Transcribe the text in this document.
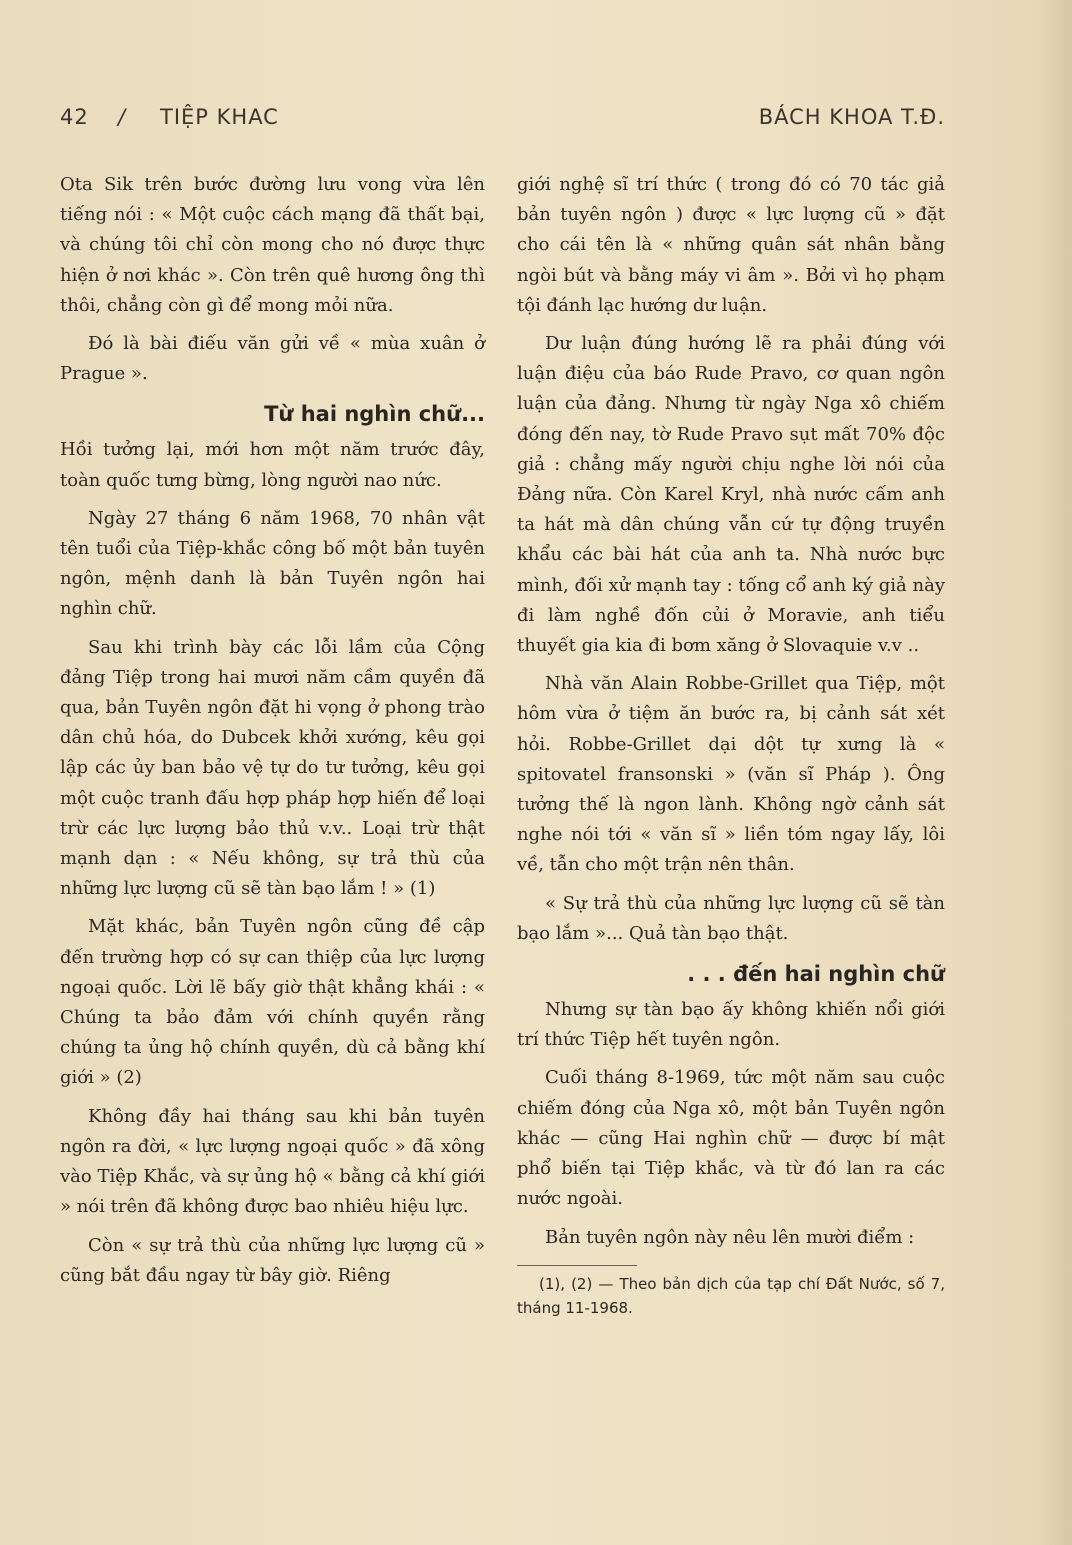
42 / TIỆP KHAC	BÁCH KHOA T.Đ.

Ota Sik trên bước đường lưu vong vừa lên tiếng nói : « Một cuộc cách mạng đã thất bại, và chúng tôi chỉ còn mong cho nó được thực hiện ở nơi khác ». Còn trên quê hương ông thì thôi, chẳng còn gì để mong mỏi nữa.

Đó là bài điếu văn gửi về « mùa xuân ở Prague ».

Từ hai nghìn chữ...

Hồi tưởng lại, mới hơn một năm trước đây, toàn quốc tưng bừng, lòng người nao nức.

Ngày 27 tháng 6 năm 1968, 70 nhân vật tên tuổi của Tiệp-khắc công bố một bản tuyên ngôn, mệnh danh là bản Tuyên ngôn hai nghìn chữ.

Sau khi trình bày các lỗi lầm của Cộng đảng Tiệp trong hai mươi năm cầm quyền đã qua, bản Tuyên ngôn đặt hi vọng ở phong trào dân chủ hóa, do Dubcek khởi xướng, kêu gọi lập các ủy ban bảo vệ tự do tư tưởng, kêu gọi một cuộc tranh đấu hợp pháp hợp hiến để loại trừ các lực lượng bảo thủ v.v.. Loại trừ thật mạnh dạn : « Nếu không, sự trả thù của những lực lượng cũ sẽ tàn bạo lắm ! » (1)

Mặt khác, bản Tuyên ngôn cũng đề cập đến trường hợp có sự can thiệp của lực lượng ngoại quốc. Lời lẽ bấy giờ thật khẳng khái : « Chúng ta bảo đảm với chính quyền rằng chúng ta ủng hộ chính quyền, dù cả bằng khí giới » (2)

Không đầy hai tháng sau khi bản tuyên ngôn ra đời, « lực lượng ngoại quốc » đã xông vào Tiệp Khắc, và sự ủng hộ « bằng cả khí giới » nói trên đã không được bao nhiêu hiệu lực.

Còn « sự trả thù của những lực lượng cũ » cũng bắt đầu ngay từ bây giờ. Riêng

giới nghệ sĩ trí thức ( trong đó có 70 tác giả bản tuyên ngôn ) được « lực lượng cũ » đặt cho cái tên là « những quân sát nhân bằng ngòi bút và bằng máy vi âm ». Bởi vì họ phạm tội đánh lạc hướng dư luận.

Dư luận đúng hướng lẽ ra phải đúng với luận điệu của báo Rude Pravo, cơ quan ngôn luận của đảng. Nhưng từ ngày Nga xô chiếm đóng đến nay, tờ Rude Pravo sụt mất 70% độc giả : chẳng mấy người chịu nghe lời nói của Đảng nữa. Còn Karel Kryl, nhà nước cấm anh ta hát mà dân chúng vẫn cứ tự động truyền khẩu các bài hát của anh ta. Nhà nước bực mình, đối xử mạnh tay : tống cổ anh ký giả này đi làm nghề đốn củi ở Moravie, anh tiểu thuyết gia kia đi bơm xăng ở Slovaquie v.v ..

Nhà văn Alain Robbe-Grillet qua Tiệp, một hôm vừa ở tiệm ăn bước ra, bị cảnh sát xét hỏi. Robbe-Grillet dại dột tự xưng là « spitovatel fransonski » (văn sĩ Pháp ). Ông tưởng thế là ngon lành. Không ngờ cảnh sát nghe nói tới « văn sĩ » liền tóm ngay lấy, lôi về, tẫn cho một trận nên thân.

« Sự trả thù của những lực lượng cũ sẽ tàn bạo lắm »... Quả tàn bạo thật.

. . . đến hai nghìn chữ

Nhưng sự tàn bạo ấy không khiến nổi giới trí thức Tiệp hết tuyên ngôn.

Cuối tháng 8-1969, tức một năm sau cuộc chiếm đóng của Nga xô, một bản Tuyên ngôn khác — cũng Hai nghìn chữ — được bí mật phổ biến tại Tiệp khắc, và từ đó lan ra các nước ngoài.

Bản tuyên ngôn này nêu lên mười điểm :

(1), (2) — Theo bản dịch của tạp chí Đất Nước, số 7, tháng 11-1968.
